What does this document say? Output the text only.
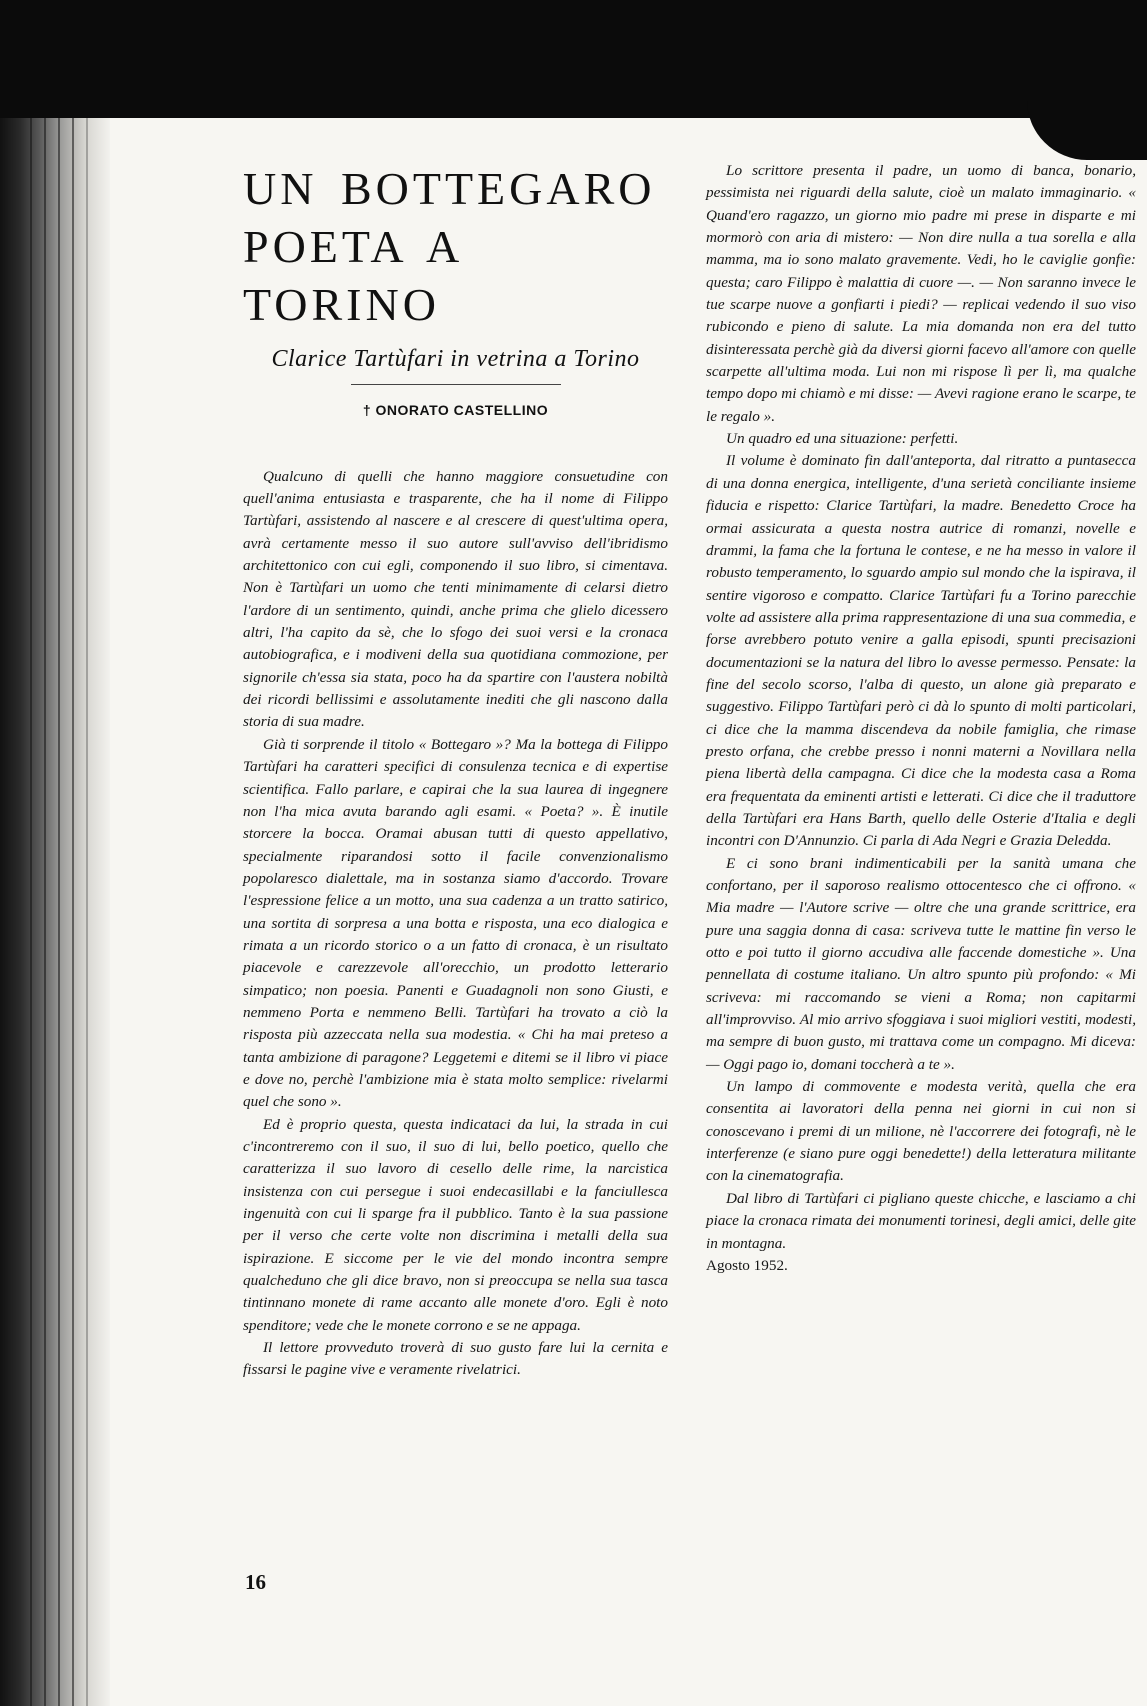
UN BOTTEGARO
POETA A TORINO
Clarice Tartùfari in vetrina a Torino
† ONORATO CASTELLINO

Qualcuno di quelli che hanno maggiore consuetudine con quell'anima entusiasta e trasparente, che ha il nome di Filippo Tartùfari, assistendo al nascere e al crescere di quest'ultima opera, avrà certamente messo il suo autore sull'avviso dell'ibridismo architettonico con cui egli, componendo il suo libro, si cimentava. Non è Tartùfari un uomo che tenti minimamente di celarsi dietro l'ardore di un sentimento, quindi, anche prima che glielo dicessero altri, l'ha capito da sè, che lo sfogo dei suoi versi e la cronaca autobiografica, e i modiveni della sua quotidiana commozione, per signorile ch'essa sia stata, poco ha da spartire con l'austera nobiltà dei ricordi bellissimi e assolutamente inediti che gli nascono dalla storia di sua madre.

Già ti sorprende il titolo « Bottegaro »? Ma la bottega di Filippo Tartùfari ha caratteri specifici di consulenza tecnica e di expertise scientifica. Fallo parlare, e capirai che la sua laurea di ingegnere non l'ha mica avuta barando agli esami. « Poeta? ». È inutile storcere la bocca. Oramai abusan tutti di questo appellativo, specialmente riparandosi sotto il facile convenzionalismo popolaresco dialettale, ma in sostanza siamo d'accordo. Trovare l'espressione felice a un motto, una sua cadenza a un tratto satirico, una sortita di sorpresa a una botta e risposta, una eco dialogica e rimata a un ricordo storico o a un fatto di cronaca, è un risultato piacevole e carezzevole all'orecchio, un prodotto letterario simpatico; non poesia. Panenti e Guadagnoli non sono Giusti, e nemmeno Porta e nemmeno Belli. Tartùfari ha trovato a ciò la risposta più azzeccata nella sua modestia. « Chi ha mai preteso a tanta ambizione di paragone? Leggetemi e ditemi se il libro vi piace e dove no, perchè l'ambizione mia è stata molto semplice: rivelarmi quel che sono ».

Ed è proprio questa, questa indicataci da lui, la strada in cui c'incontreremo con il suo, il suo di lui, bello poetico, quello che caratterizza il suo lavoro di cesello delle rime, la narcistica insistenza con cui persegue i suoi endecasillabi e la fanciullesca ingenuità con cui li sparge fra il pubblico. Tanto è la sua passione per il verso che certe volte non discrimina i metalli della sua ispirazione. E siccome per le vie del mondo incontra sempre qualcheduno che gli dice bravo, non si preoccupa se nella sua tasca tintinnano monete di rame accanto alle monete d'oro. Egli è noto spenditore; vede che le monete corrono e se ne appaga.

Il lettore provveduto troverà di suo gusto fare lui la cernita e fissarsi le pagine vive e veramente rivelatrici.

Lo scrittore presenta il padre, un uomo di banca, bonario, pessimista nei riguardi della salute, cioè un malato immaginario. « Quand'ero ragazzo, un giorno mio padre mi prese in disparte e mi mormorò con aria di mistero: — Non dire nulla a tua sorella e alla mamma, ma io sono malato gravemente. Vedi, ho le caviglie gonfie: questa; caro Filippo è malattia di cuore —. — Non saranno invece le tue scarpe nuove a gonfiarti i piedi? — replicai vedendo il suo viso rubicondo e pieno di salute. La mia domanda non era del tutto disinteressata perchè già da diversi giorni facevo all'amore con quelle scarpette all'ultima moda. Lui non mi rispose lì per lì, ma qualche tempo dopo mi chiamò e mi disse: — Avevi ragione erano le scarpe, te le regalo ».

Un quadro ed una situazione: perfetti.

Il volume è dominato fin dall'anteporta, dal ritratto a puntasecca di una donna energica, intelligente, d'una serietà conciliante insieme fiducia e rispetto: Clarice Tartùfari, la madre. Benedetto Croce ha ormai assicurata a questa nostra autrice di romanzi, novelle e drammi, la fama che la fortuna le contese, e ne ha messo in valore il robusto temperamento, lo sguardo ampio sul mondo che la ispirava, il sentire vigoroso e compatto. Clarice Tartùfari fu a Torino parecchie volte ad assistere alla prima rappresentazione di una sua commedia, e forse avrebbero potuto venire a galla episodi, spunti precisazioni documentazioni se la natura del libro lo avesse permesso. Pensate: la fine del secolo scorso, l'alba di questo, un alone già preparato e suggestivo. Filippo Tartùfari però ci dà lo spunto di molti particolari, ci dice che la mamma discendeva da nobile famiglia, che rimase presto orfana, che crebbe presso i nonni materni a Novillara nella piena libertà della campagna. Ci dice che la modesta casa a Roma era frequentata da eminenti artisti e letterati. Ci dice che il traduttore della Tartùfari era Hans Barth, quello delle Osterie d'Italia e degli incontri con D'Annunzio. Ci parla di Ada Negri e Grazia Deledda.

E ci sono brani indimenticabili per la sanità umana che confortano, per il saporoso realismo ottocentesco che ci offrono. « Mia madre — l'Autore scrive — oltre che una grande scrittrice, era pure una saggia donna di casa: scriveva tutte le mattine fin verso le otto e poi tutto il giorno accudiva alle faccende domestiche ». Una pennellata di costume italiano. Un altro spunto più profondo: « Mi scriveva: mi raccomando se vieni a Roma; non capitarmi all'improvviso. Al mio arrivo sfoggiava i suoi migliori vestiti, modesti, ma sempre di buon gusto, mi trattava come un compagno. Mi diceva: — Oggi pago io, domani toccherà a te ».

Un lampo di commovente e modesta verità, quella che era consentita ai lavoratori della penna nei giorni in cui non si conoscevano i premi di un milione, nè l'accorrere dei fotografi, nè le interferenze (e siano pure oggi benedette!) della letteratura militante con la cinematografia.

Dal libro di Tartùfari ci pigliano queste chicche, e lasciamo a chi piace la cronaca rimata dei monumenti torinesi, degli amici, delle gite in montagna.

Agosto 1952.

16
